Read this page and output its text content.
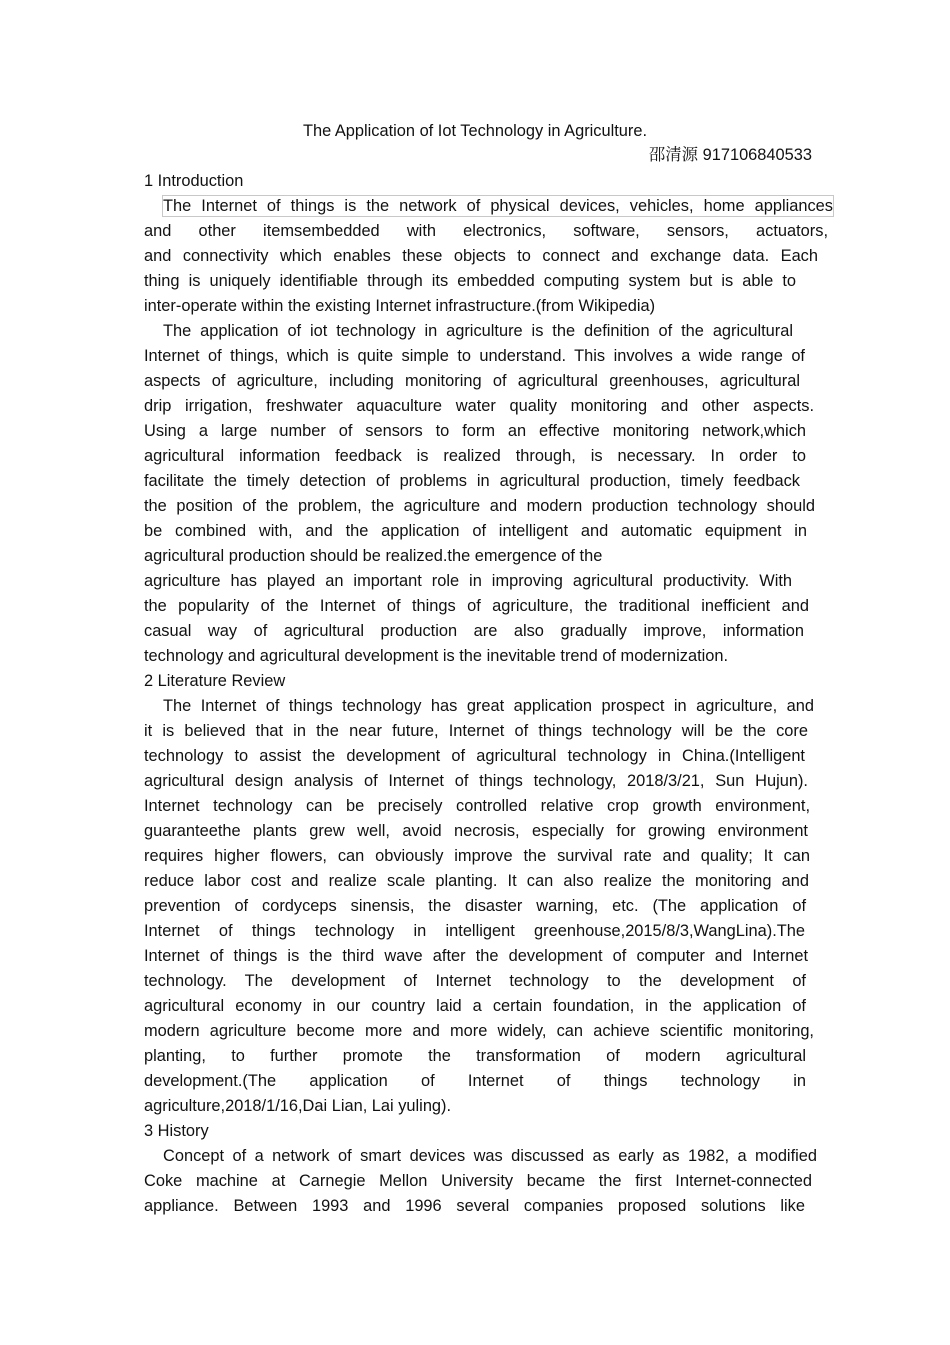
The Application of Iot Technology in Agriculture.
邵清源 917106840533
1 Introduction
The Internet of things is the network of physical devices, vehicles, home appliances
and other itemsembedded with electronics, software, sensors, actuators,
and connectivity which enables these objects to connect and exchange data. Each
thing is uniquely identifiable through its embedded computing system but is able to
inter-operate within the existing Internet infrastructure.(from Wikipedia)
The application of iot technology in agriculture is the definition of the agricultural
Internet of things, which is quite simple to understand. This involves a wide range of
aspects of agriculture, including monitoring of agricultural greenhouses, agricultural
drip irrigation, freshwater aquaculture water quality monitoring and other aspects.
Using a large number of sensors to form an effective monitoring network,which
agricultural information feedback is realized through, is necessary. In order to
facilitate the timely detection of problems in agricultural production, timely feedback
the position of the problem, the agriculture and modern production technology should
be combined with, and the application of intelligent and automatic equipment in
agricultural production should be realized.the emergence of the
agriculture has played an important role in improving agricultural productivity. With
the popularity of the Internet of things of agriculture, the traditional inefficient and
casual way of agricultural production are also gradually improve, information
technology and agricultural development is the inevitable trend of modernization.
2 Literature Review
The Internet of things technology has great application prospect in agriculture, and
it is believed that in the near future, Internet of things technology will be the core
technology to assist the development of agricultural technology in China.(Intelligent
agricultural design analysis of Internet of things technology, 2018/3/21, Sun Hujun).
Internet technology can be precisely controlled relative crop growth environment,
guaranteethe plants grew well, avoid necrosis, especially for growing environment
requires higher flowers, can obviously improve the survival rate and quality; It can
reduce labor cost and realize scale planting. It can also realize the monitoring and
prevention of cordyceps sinensis, the disaster warning, etc. (The application of
Internet of things technology in intelligent greenhouse,2015/8/3,WangLina).The
Internet of things is the third wave after the development of computer and Internet
technology. The development of Internet technology to the development of
agricultural economy in our country laid a certain foundation, in the application of
modern agriculture become more and more widely, can achieve scientific monitoring,
planting, to further promote the transformation of modern agricultural
development.(The application of Internet of things technology in
agriculture,2018/1/16,Dai Lian, Lai yuling).
3 History
Concept of a network of smart devices was discussed as early as 1982, a modified
Coke machine at Carnegie Mellon University became the first Internet-connected
appliance. Between 1993 and 1996 several companies proposed solutions like
